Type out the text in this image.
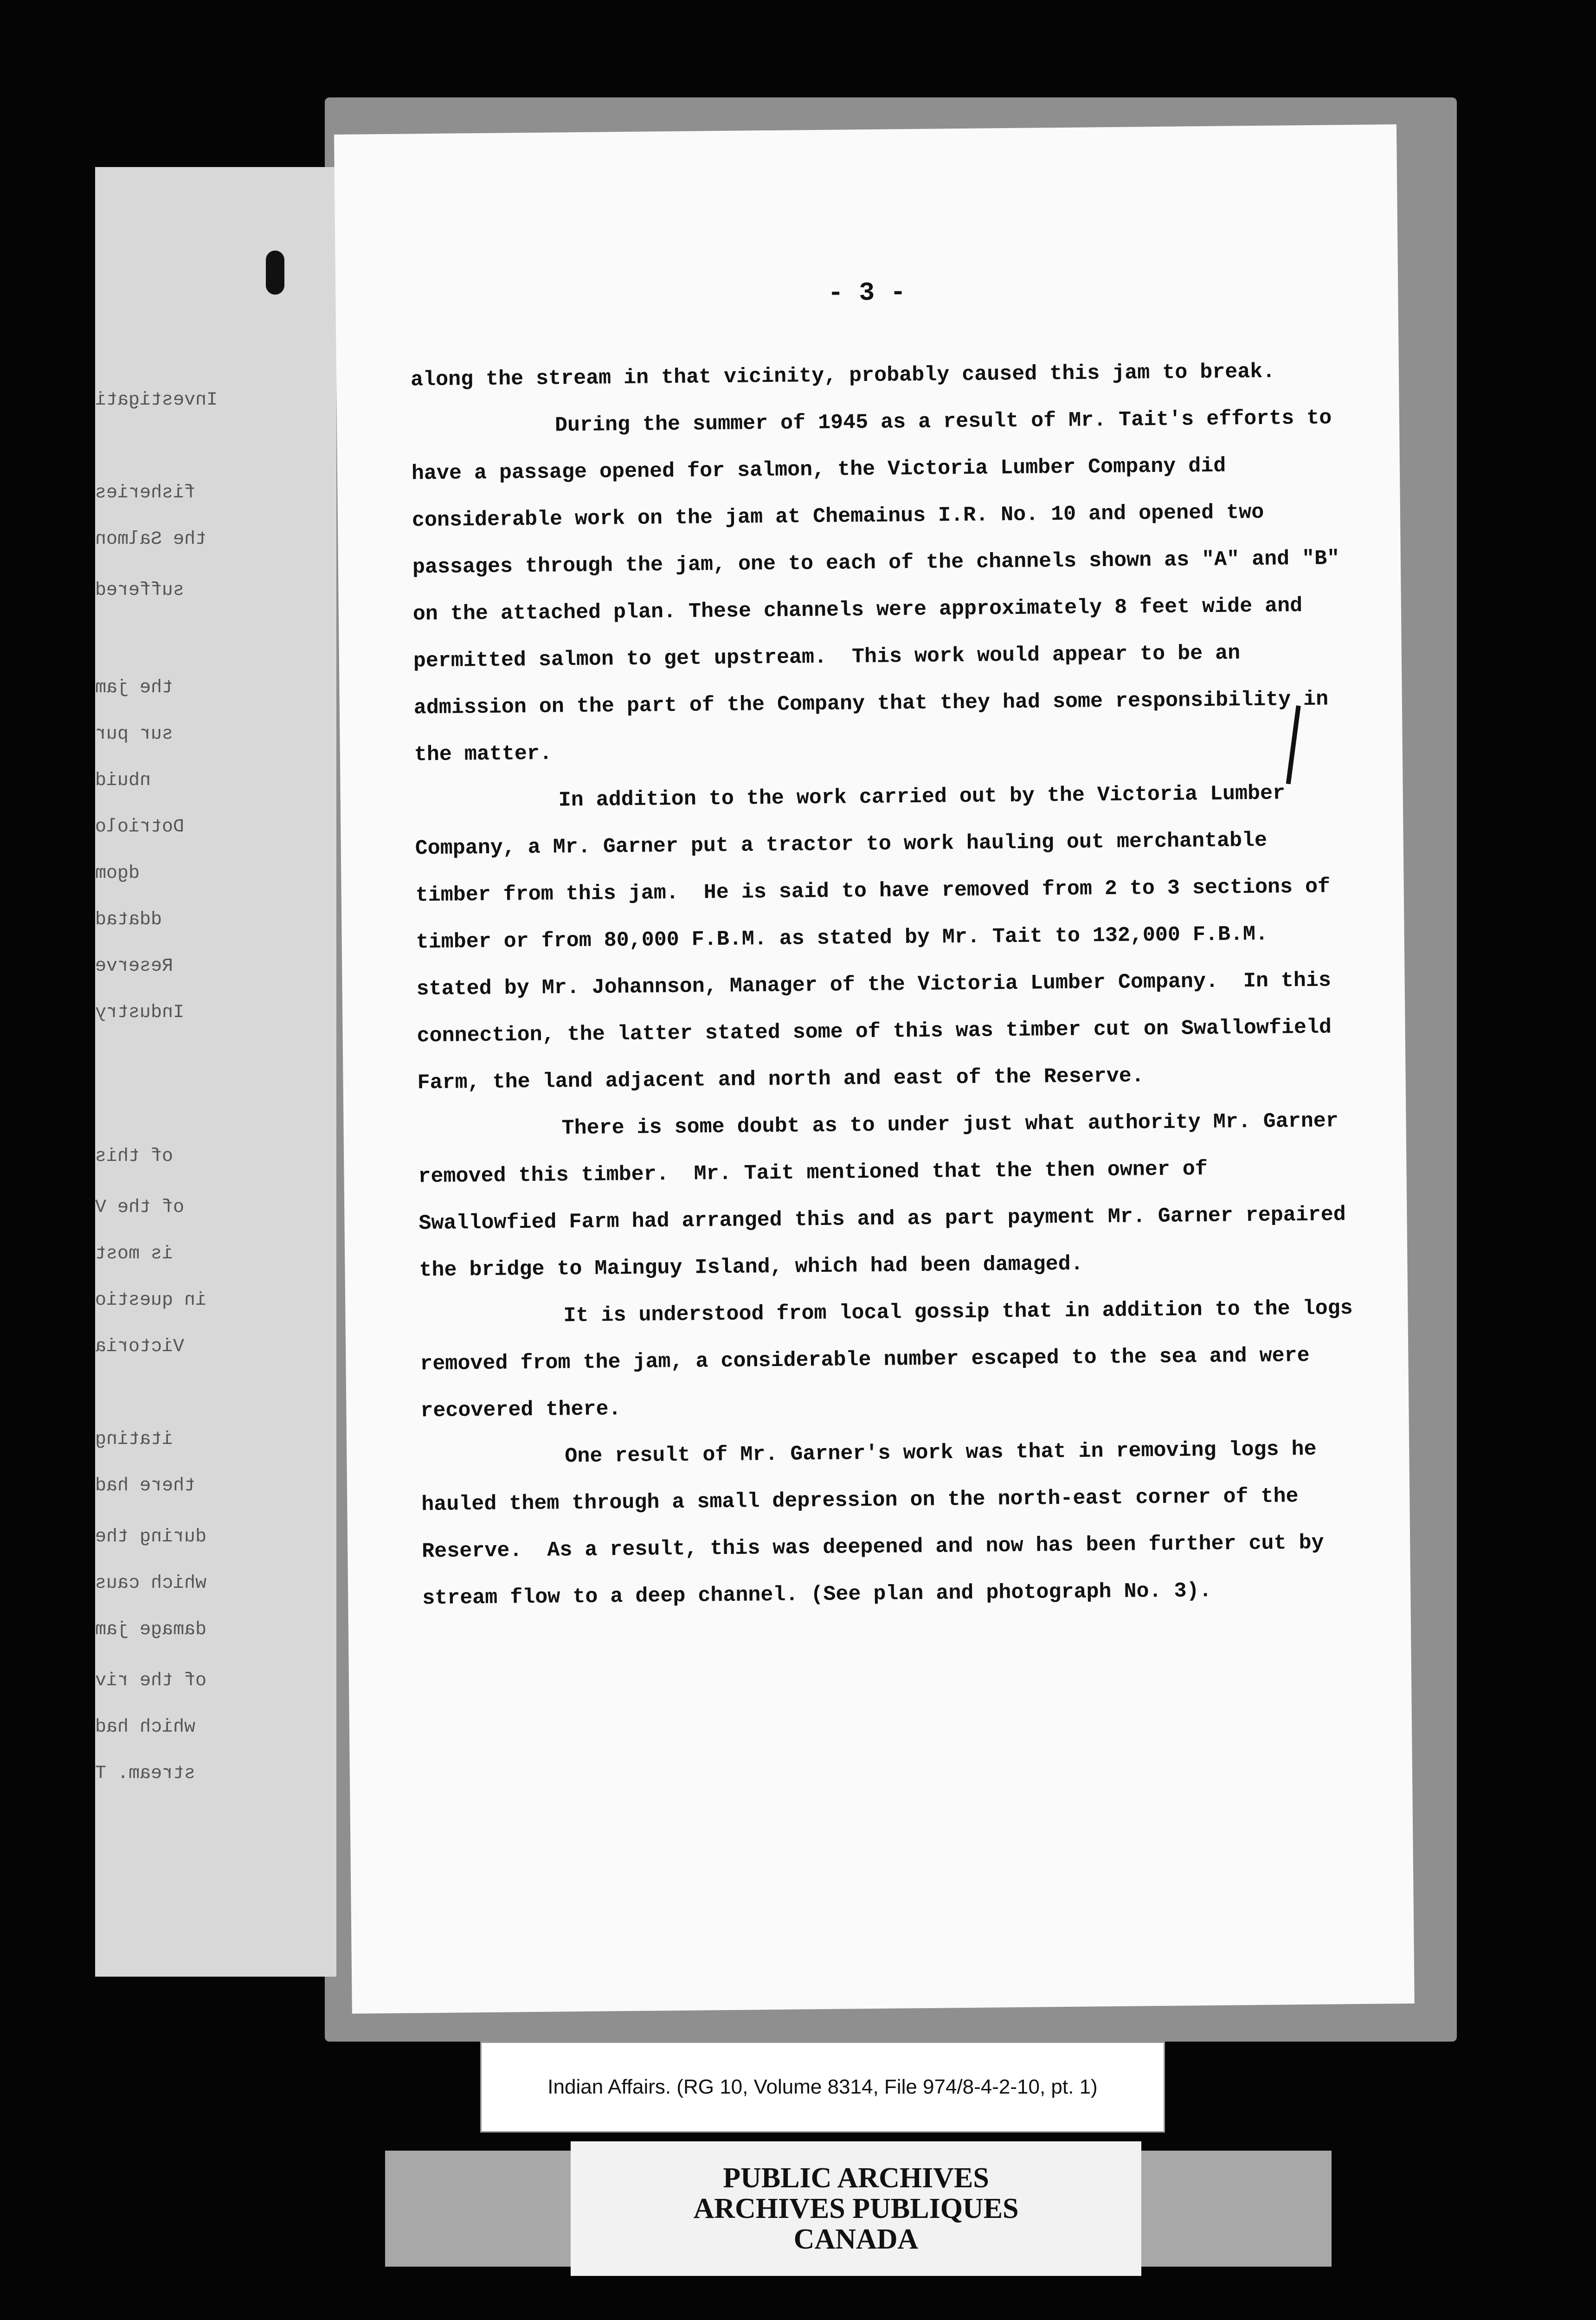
Investigati
fisheries
the Salmon
suffered
the jam
sur pur
nbuid
Dotriolo
dgom
ddatad
Reserve
Industry
of this
of the V
is most
in questio
Victoria
itating
there had
during the
which caus
damage jam
of the riv
which had
stream. T
- 3 -

along the stream in that vicinity, probably caused this jam to break.

During the summer of 1945 as a result of Mr. Tait's efforts to have a passage opened for salmon, the Victoria Lumber Company did considerable work on the jam at Chemainus I.R. No. 10 and opened two passages through the jam, one to each of the channels shown as "A" and "B" on the attached plan. These channels were approximately 8 feet wide and permitted salmon to get upstream.  This work would appear to be an admission on the part of the Company that they had some responsibility in the matter.

In addition to the work carried out by the Victoria Lumber Company, a Mr. Garner put a tractor to work hauling out merchantable timber from this jam.  He is said to have removed from 2 to 3 sections of timber or from 80,000 F.B.M. as stated by Mr. Tait to 132,000 F.B.M. stated by Mr. Johannson, Manager of the Victoria Lumber Company.  In this connection, the latter stated some of this was timber cut on Swallowfield Farm, the land adjacent and north and east of the Reserve.

There is some doubt as to under just what authority Mr. Garner removed this timber.  Mr. Tait mentioned that the then owner of Swallowfied Farm had arranged this and as part payment Mr. Garner repaired the bridge to Mainguy Island, which had been damaged.

It is understood from local gossip that in addition to the logs removed from the jam, a considerable number escaped to the sea and were recovered there.

One result of Mr. Garner's work was that in removing logs he hauled them through a small depression on the north-east corner of the Reserve.  As a result, this was deepened and now has been further cut by stream flow to a deep channel. (See plan and photograph No. 3).

Indian Affairs. (RG 10, Volume 8314, File 974/8-4-2-10, pt. 1)
PUBLIC ARCHIVES
ARCHIVES PUBLIQUES
CANADA
